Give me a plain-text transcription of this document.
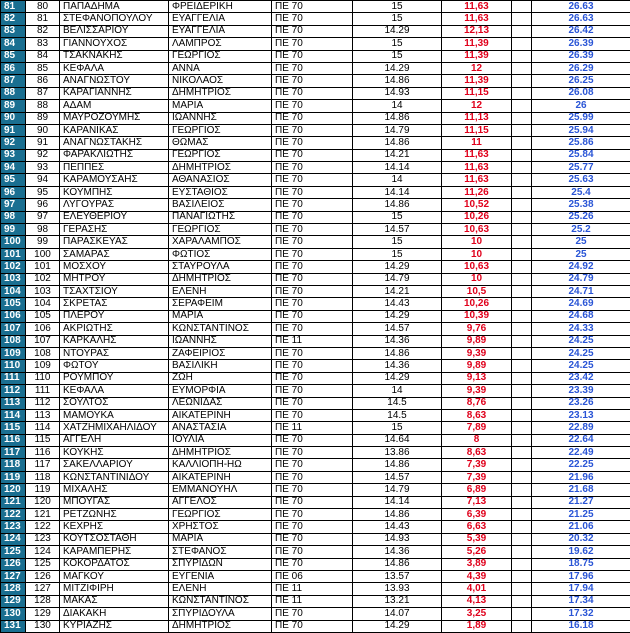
81	80	ΠΑΠΑΔΗΜΑ	ΦΡΕΙΔΕΡΙΚΗ	ΠΕ 70	15	11,63		26.63
82	81	ΣΤΕΦΑΝΟΠΟΥΛΟΥ	ΕΥΑΓΓΕΛΙΑ	ΠΕ 70	15	11,63		26.63
83	82	ΒΕΛΙΣΣΑΡΙΟΥ	ΕΥΑΓΓΕΛΙΑ	ΠΕ 70	14.29	12,13		26.42
84	83	ΓΙΑΝΝΟΥΧΟΣ	ΛΑΜΠΡΟΣ	ΠΕ 70	15	11,39		26.39
85	84	ΤΣΑΚΝΑΚΗΣ	ΓΕΩΡΓΙΟΣ	ΠΕ 70	15	11,39		26.39
86	85	ΚΕΦΑΛΑ	ΑΝΝΑ	ΠΕ 70	14.29	12		26.29
87	86	ΑΝΑΓΝΩΣΤΟΥ	ΝΙΚΟΛΑΟΣ	ΠΕ 70	14.86	11,39		26.25
88	87	ΚΑΡΑΓΙΑΝΝΗΣ	ΔΗΜΗΤΡΙΟΣ	ΠΕ 70	14.93	11,15		26.08
89	88	ΑΔΑΜ	ΜΑΡΙΑ	ΠΕ 70	14	12		26
90	89	ΜΑΥΡΟΖΟΥΜΗΣ	ΙΩΑΝΝΗΣ	ΠΕ 70	14.86	11,13		25.99
91	90	ΚΑΡΑΝΙΚΑΣ	ΓΕΩΡΓΙΟΣ	ΠΕ 70	14.79	11,15		25.94
92	91	ΑΝΑΓΝΩΣΤΑΚΗΣ	ΘΩΜΑΣ	ΠΕ 70	14.86	11		25.86
93	92	ΦΑΡΑΚΛΙΩΤΗΣ	ΓΕΩΡΓΙΟΣ	ΠΕ 70	14.21	11,63		25.84
94	93	ΠΕΠΠΕΣ	ΔΗΜΗΤΡΙΟΣ	ΠΕ 70	14.14	11,63		25.77
95	94	ΚΑΡΑΜΟΥΣΑΗΣ	ΑΘΑΝΑΣΙΟΣ	ΠΕ 70	14	11,63		25.63
96	95	ΚΟΥΜΠΗΣ	ΕΥΣΤΑΘΙΟΣ	ΠΕ 70	14.14	11,26		25.4
97	96	ΛΥΓΟΥΡΑΣ	ΒΑΣΙΛΕΙΟΣ	ΠΕ 70	14.86	10,52		25.38
98	97	ΕΛΕΥΘΕΡΙΟΥ	ΠΑΝΑΓΙΩΤΗΣ	ΠΕ 70	15	10,26		25.26
99	98	ΓΕΡΑΣΗΣ	ΓΕΩΡΓΙΟΣ	ΠΕ 70	14.57	10,63		25.2
100	99	ΠΑΡΑΣΚΕΥΑΣ	ΧΑΡΑΛΑΜΠΟΣ	ΠΕ 70	15	10		25
101	100	ΣΑΜΑΡΑΣ	ΦΩΤΙΟΣ	ΠΕ 70	15	10		25
102	101	ΜΟΣΧΟΥ	ΣΤΑΥΡΟΥΛΑ	ΠΕ 70	14.29	10,63		24.92
103	102	ΜΗΤΡΟΥ	ΔΗΜΗΤΡΙΟΣ	ΠΕ 70	14.79	10		24.79
104	103	ΤΣΑΧΤΣΙΟΥ	ΕΛΕΝΗ	ΠΕ 70	14.21	10,5		24.71
105	104	ΣΚΡΕΤΑΣ	ΣΕΡΑΦΕΙΜ	ΠΕ 70	14.43	10,26		24.69
106	105	ΠΛΕΡΟΥ	ΜΑΡΙΑ	ΠΕ 70	14.29	10,39		24.68
107	106	ΑΚΡΙΩΤΗΣ	ΚΩΝΣΤΑΝΤΙΝΟΣ	ΠΕ 70	14.57	9,76		24.33
108	107	ΚΑΡΚΑΛΗΣ	ΙΩΑΝΝΗΣ	ΠΕ 11	14.36	9,89		24.25
109	108	ΝΤΟΥΡΑΣ	ΖΑΦΕΙΡΙΟΣ	ΠΕ 70	14.86	9,39		24.25
110	109	ΦΩΤΟΥ	ΒΑΣΙΛΙΚΗ	ΠΕ 70	14.36	9,89		24.25
111	110	ΡΟΥΜΠΟΥ	ΖΩΗ	ΠΕ 70	14.29	9,13		23.42
112	111	ΚΕΦΑΛΑ	ΕΥΜΟΡΦΙΑ	ΠΕ 70	14	9,39		23.39
113	112	ΣΟΥΛΤΟΣ	ΛΕΩΝΙΔΑΣ	ΠΕ 70	14.5	8,76		23.26
114	113	ΜΑΜΟΥΚΑ	ΑΙΚΑΤΕΡΙΝΗ	ΠΕ 70	14.5	8,63		23.13
115	114	ΧΑΤΖΗΜΙΧΑΗΛΙΔΟΥ	ΑΝΑΣΤΑΣΙΑ	ΠΕ 11	15	7,89		22.89
116	115	ΑΓΓΕΛΗ	ΙΟΥΛΙΑ	ΠΕ 70	14.64	8		22.64
117	116	ΚΟΥΚΗΣ	ΔΗΜΗΤΡΙΟΣ	ΠΕ 70	13.86	8,63		22.49
118	117	ΣΑΚΕΛΛΑΡΙΟΥ	ΚΑΛΛΙΟΠΗ-ΗΩ	ΠΕ 70	14.86	7,39		22.25
119	118	ΚΩΝΣΤΑΝΤΙΝΙΔΟΥ	ΑΙΚΑΤΕΡΙΝΗ	ΠΕ 70	14.57	7,39		21.96
120	119	ΜΙΧΑΛΗΣ	ΕΜΜΑΝΟΥΗΛ	ΠΕ 70	14.79	6,89		21.68
121	120	ΜΠΟΥΓΑΣ	ΑΓΓΕΛΟΣ	ΠΕ 70	14.14	7,13		21.27
122	121	ΡΕΤΖΩΝΗΣ	ΓΕΩΡΓΙΟΣ	ΠΕ 70	14.86	6,39		21.25
123	122	ΚΕΧΡΗΣ	ΧΡΗΣΤΟΣ	ΠΕ 70	14.43	6,63		21.06
124	123	ΚΟΥΤΣΟΣΤΑΘΗ	ΜΑΡΙΑ	ΠΕ 70	14.93	5,39		20.32
125	124	ΚΑΡΑΜΠΕΡΗΣ	ΣΤΕΦΑΝΟΣ	ΠΕ 70	14.36	5,26		19.62
126	125	ΚΟΚΟΡΔΑΤΟΣ	ΣΠΥΡΙΔΩΝ	ΠΕ 70	14.86	3,89		18.75
127	126	ΜΑΓΚΟΥ	ΕΥΓΕΝΙΑ	ΠΕ 06	13.57	4,39		17.96
128	127	ΜΙΤΖΙΦΙΡΗ	ΕΛΕΝΗ	ΠΕ 11	13.93	4,01		17.94
129	128	ΜΑΚΑΣ	ΚΩΝΣΤΑΝΤΙΝΟΣ	ΠΕ 11	13.21	4,13		17.34
130	129	ΔΙΑΚΑΚΗ	ΣΠΥΡΙΔΟΥΛΑ	ΠΕ 70	14.07	3,25		17.32
131	130	ΚΥΡΙΑΖΗΣ	ΔΗΜΗΤΡΙΟΣ	ΠΕ 70	14.29	1,89		16.18
